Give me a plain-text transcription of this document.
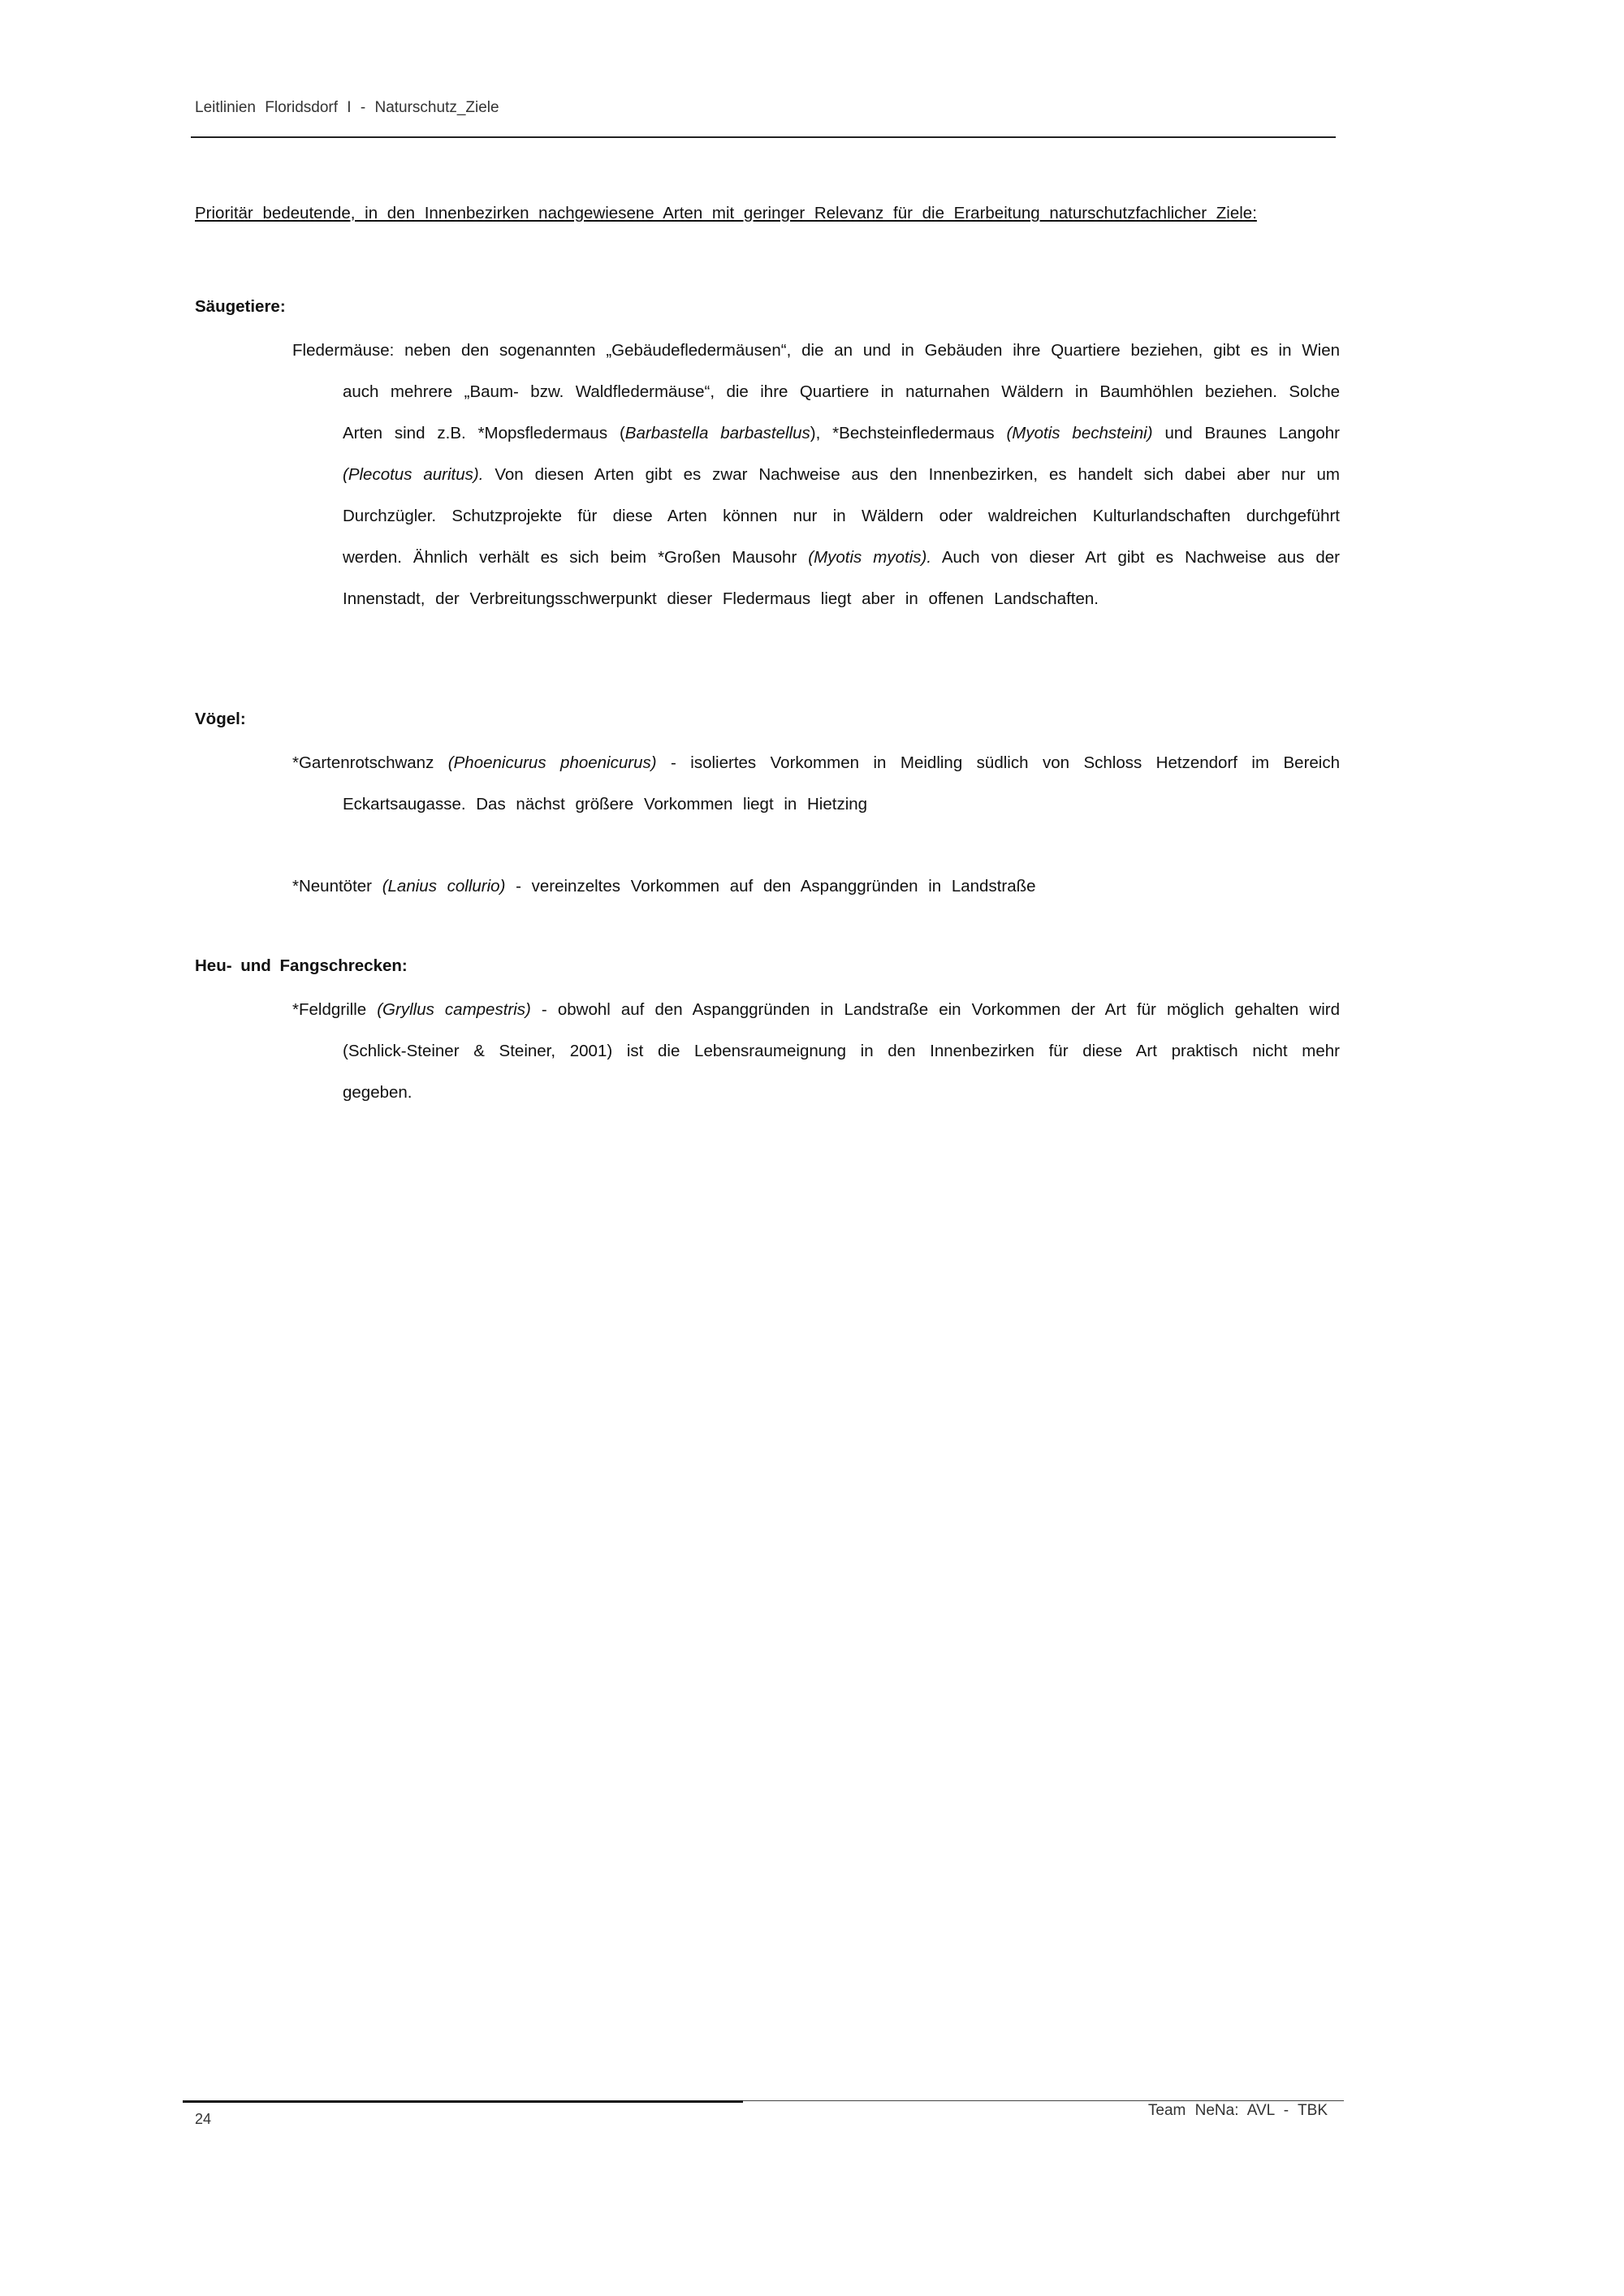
Leitlinien Floridsdorf I - Naturschutz_Ziele
Prioritär bedeutende, in den Innenbezirken nachgewiesene Arten mit geringer Relevanz für die Erarbeitung naturschutzfachlicher Ziele:
Säugetiere:

Fledermäuse: neben den sogenannten „Gebäudefledermäusen“, die an und in Gebäuden ihre Quartiere beziehen, gibt es in Wien auch mehrere „Baum- bzw. Waldfledermäuse“, die ihre Quartiere in naturnahen Wäldern in Baumhöhlen beziehen. Solche Arten sind z.B. *Mopsfledermaus (Barbastella barbastellus), *Bechsteinfledermaus (Myotis bechsteini) und Braunes Langohr (Plecotus auritus). Von diesen Arten gibt es zwar Nachweise aus den Innenbezirken, es handelt sich dabei aber nur um Durchzügler. Schutzprojekte für diese Arten können nur in Wäldern oder waldreichen Kulturlandschaften durchgeführt werden. Ähnlich verhält es sich beim *Großen Mausohr (Myotis myotis). Auch von dieser Art gibt es Nachweise aus der Innenstadt, der Verbreitungsschwerpunkt dieser Fledermaus liegt aber in offenen Landschaften.

Vögel:

*Gartenrotschwanz (Phoenicurus phoenicurus) - isoliertes Vorkommen in Meidling südlich von Schloss Hetzendorf im Bereich Eckartsaugasse. Das nächst größere Vorkommen liegt in Hietzing

*Neuntöter (Lanius collurio) - vereinzeltes Vorkommen auf den Aspanggründen in Landstraße

Heu- und Fangschrecken:

*Feldgrille (Gryllus campestris) - obwohl auf den Aspanggründen in Landstraße ein Vorkommen der Art für möglich gehalten wird (Schlick-Steiner & Steiner, 2001) ist die Lebensraumeignung in den Innenbezirken für diese Art praktisch nicht mehr gegeben.

24	Team NeNa: AVL - TBK
